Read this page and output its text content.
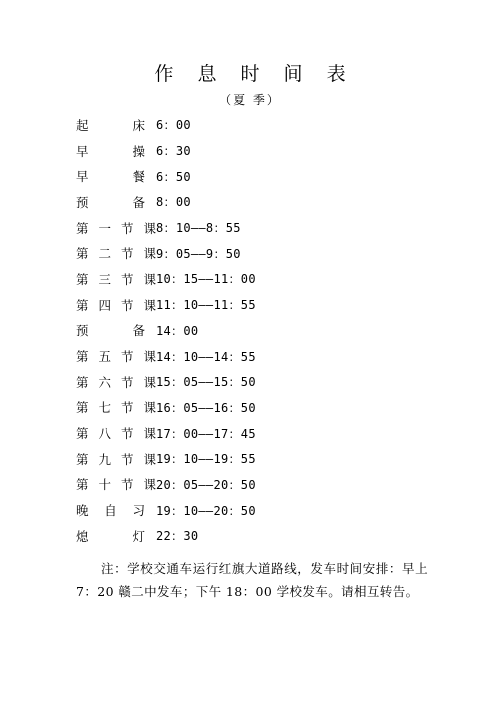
作 息 时 间 表
（夏 季）
起	床 6：00
早	操 6：30
早	餐 6：50
预	备 8：00
第 一 节 课 8：10——8：55
第 二 节 课 9：05——9：50
第 三 节 课 10：15——11：00
第 四 节 课 11：10——11：55
预	备 14：00
第 五 节 课 14：10——14：55
第 六 节 课 15：05——15：50
第 七 节 课 16：05——16：50
第 八 节 课 17：00——17：45
第 九 节 课 19：10——19：55
第 十 节 课 20：05——20：50
晚 自 习 19：10——20：50
熄	灯 22：30
注：学校交通车运行红旗大道路线，发车时间安排：早上 7：20 赣二中发车；下午 18：00 学校发车。请相互转告。
